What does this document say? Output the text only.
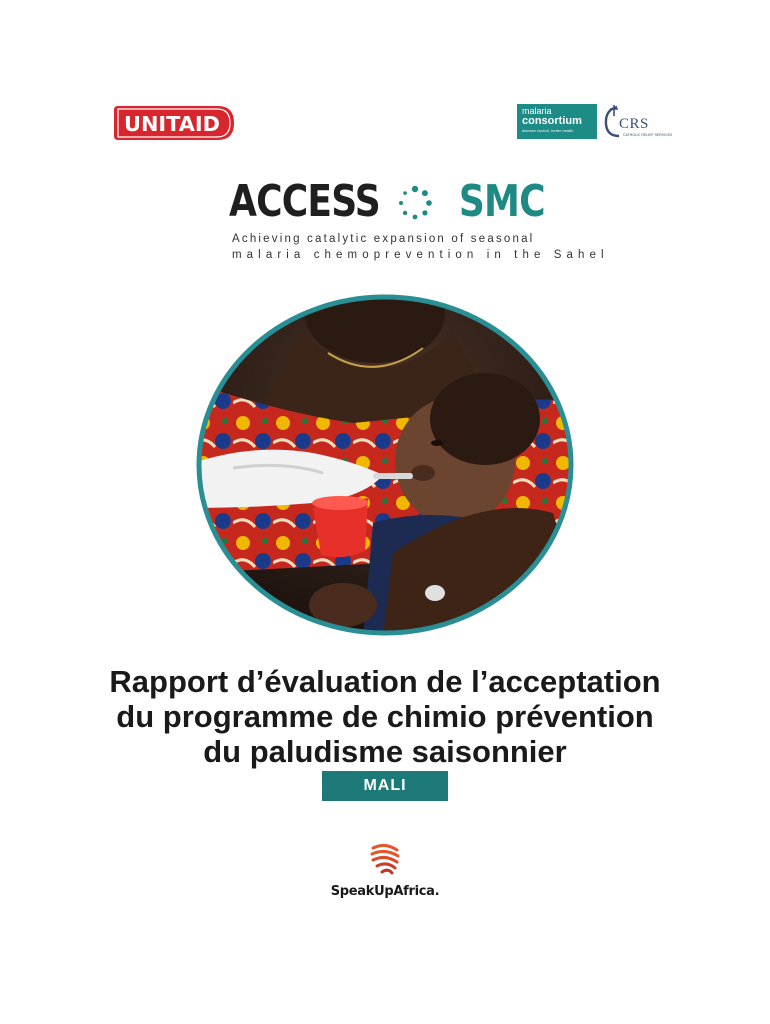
UNITAID
malaria
consortium
disease control, better health	CRS
CATHOLIC RELIEF SERVICES
ACCESS SMC
Achieving catalytic expansion of seasonal
malaria chemoprevention in the Sahel
Rapport d’évaluation de l’acceptation
du programme de chimio prévention
du paludisme saisonnier
MALI
SpeakUpAfrica.
